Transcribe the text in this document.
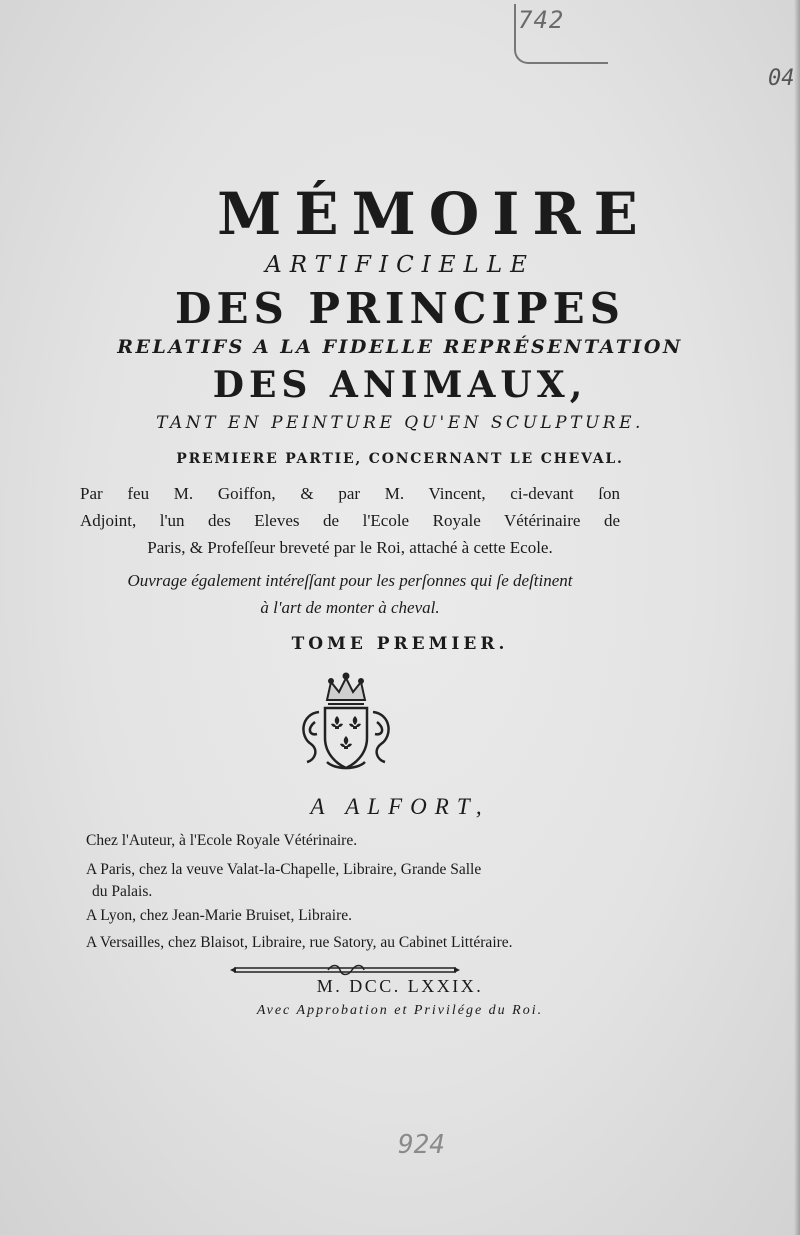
742
04
MÉMOIRE
ARTIFICIELLE
DES PRINCIPES
RELATIFS A LA FIDELLE REPRÉSENTATION
DES ANIMAUX,
TANT EN PEINTURE QU'EN SCULPTURE.
PREMIERE PARTIE, CONCERNANT LE CHEVAL.
Par feu M. Goiffon, & par M. Vincent, ci-devant ſon
Adjoint, l'un des Eleves de l'Ecole Royale Vétérinaire de
Paris, & Profeſſeur breveté par le Roi, attaché à cette Ecole.
Ouvrage également intéreſſant pour les perſonnes qui ſe deſtinent
à l'art de monter à cheval.
TOME PREMIER.
A ALFORT,
Chez l'Auteur, à l'Ecole Royale Vétérinaire.
A Paris, chez la veuve Valat-la-Chapelle, Libraire, Grande Salle
du Palais.
A Lyon, chez Jean-Marie Bruiset, Libraire.
A Versailles, chez Blaisot, Libraire, rue Satory, au Cabinet Littéraire.
M. DCC. LXXIX.
Avec Approbation et Privilége du Roi.
924
